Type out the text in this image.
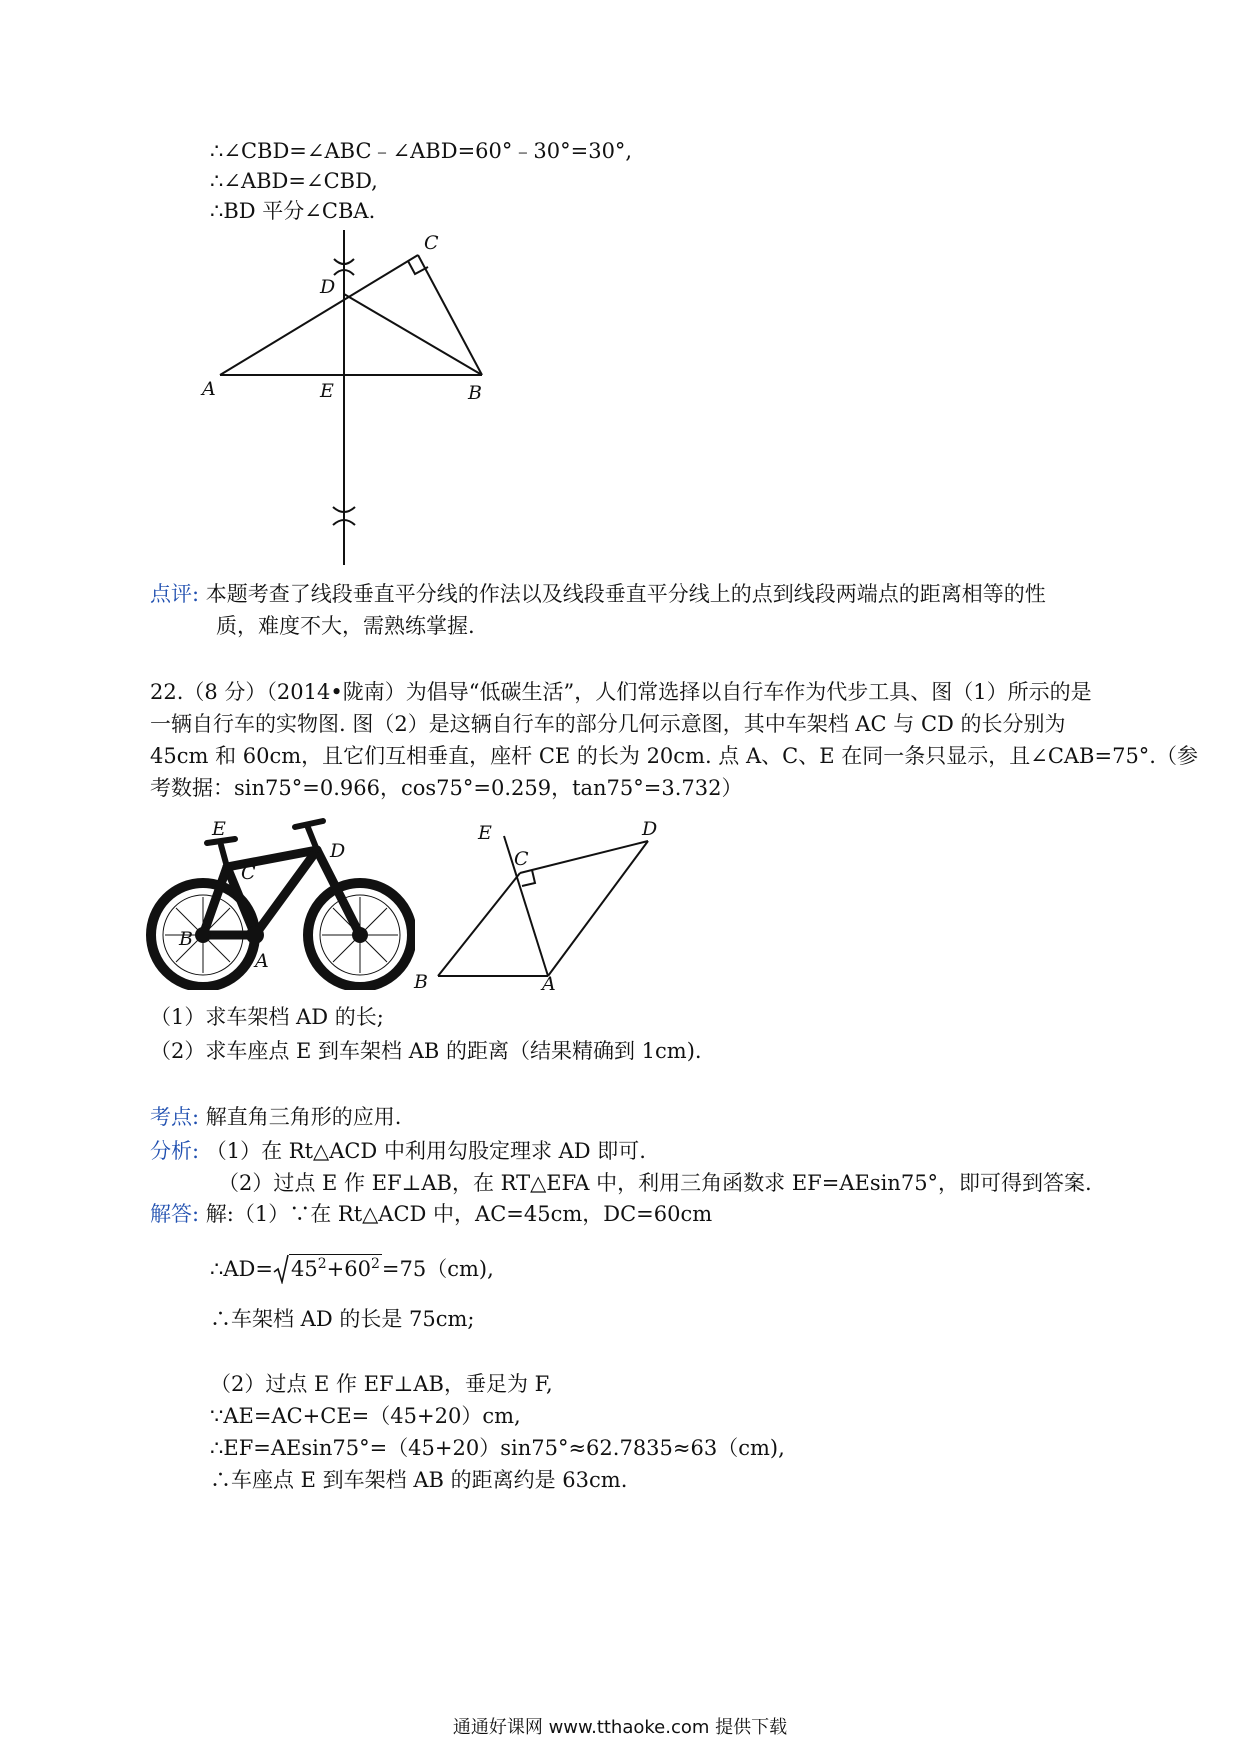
∴∠CBD=∠ABC﹣∠ABD=60°﹣30°=30°,
∴∠ABD=∠CBD,
∴BD 平分∠CBA.
C
D
A	E	B
点评: 本题考查了线段垂直平分线的作法以及线段垂直平分线上的点到线段两端点的距离相等的性
质，难度不大，需熟练掌握.
22.（8 分）（2014•陇南）为倡导“低碳生活”，人们常选择以自行车作为代步工具、图（1）所示的是
一辆自行车的实物图. 图（2）是这辆自行车的部分几何示意图，其中车架档 AC 与 CD 的长分别为
45cm 和 60cm，且它们互相垂直，座杆 CE 的长为 20cm. 点 A、C、E 在同一条只显示，且∠CAB=75°.（参
考数据：sin75°=0.966，cos75°=0.259，tan75°=3.732）
E
C
D
B
A
E
C
D
B	A
（1）求车架档 AD 的长;
（2）求车座点 E 到车架档 AB 的距离（结果精确到 1cm).
考点: 解直角三角形的应用.
分析: （1）在 Rt△ACD 中利用勾股定理求 AD 即可.
（2）过点 E 作 EF⊥AB，在 RT△EFA 中，利用三角函数求 EF=AEsin75°，即可得到答案.
解答: 解:（1）∵在 Rt△ACD 中，AC=45cm，DC=60cm
∴AD= $45^2+60^2=75(cm)$,
∴车架档 AD 的长是 75cm;
（2）过点 E 作 EF⊥AB，垂足为 F,
∵AE=AC+CE=（45+20）cm,
∴EF=AEsin75°=（45+20）sin75°≈62.7835≈63（cm),
∴车座点 E 到车架档 AB 的距离约是 63cm.
通通好课网 www.tthaoke.com 提供下载
